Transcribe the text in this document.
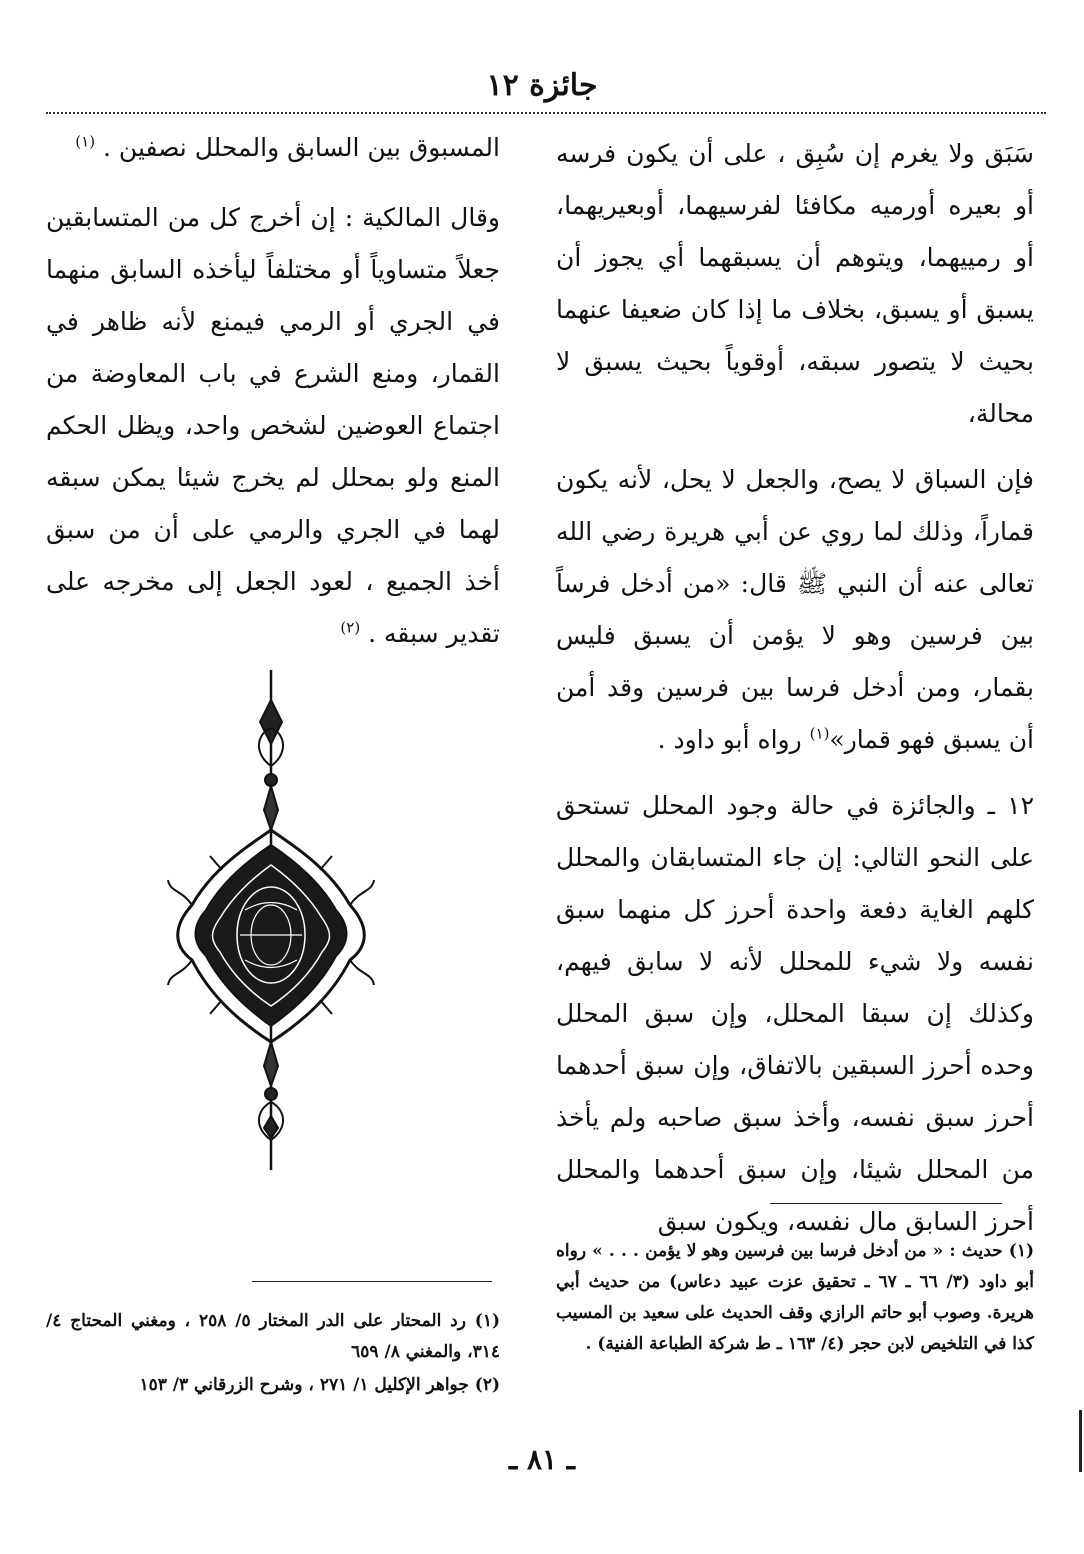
جائزة ١٢

سَبَق ولا يغرم إن سُبِق ، على أن يكون فرسه أو بعيره أورميه مكافئا لفرسيهما، أوبعيريهما، أو رمييهما، ويتوهم أن يسبقهما أي يجوز أن يسبق أو يسبق، بخلاف ما إذا كان ضعيفا عنهما بحيث لا يتصور سبقه، أوقوياً بحيث يسبق لا محالة،

فإن السباق لا يصح، والجعل لا يحل، لأنه يكون قماراً، وذلك لما روي عن أبي هريرة رضي الله تعالى عنه أن النبي ﷺ قال: «من أدخل فرساً بين فرسين وهو لا يؤمن أن يسبق فليس بقمار، ومن أدخل فرسا بين فرسين وقد أمن أن يسبق فهو قمار»$^{(١)}$ رواه أبو داود .

١٢ ـ والجائزة في حالة وجود المحلل تستحق على النحو التالي: إن جاء المتسابقان والمحلل كلهم الغاية دفعة واحدة أحرز كل منهما سبق نفسه ولا شيء للمحلل لأنه لا سابق فيهم، وكذلك إن سبقا المحلل، وإن سبق المحلل وحده أحرز السبقين بالاتفاق، وإن سبق أحدهما أحرز سبق نفسه، وأخذ سبق صاحبه ولم يأخذ من المحلل شيئا، وإن سبق أحدهما والمحلل أحرز السابق مال نفسه، ويكون سبق

المسبوق بين السابق والمحلل نصفين . $^{(١)}$

وقال المالكية : إن أخرج كل من المتسابقين جعلاً متساوياً أو مختلفاً ليأخذه السابق منهما في الجري أو الرمي فيمنع لأنه ظاهر في القمار، ومنع الشرع في باب المعاوضة من اجتماع العوضين لشخص واحد، ويظل الحكم المنع ولو بمحلل لم يخرج شيئا يمكن سبقه لهما في الجري والرمي على أن من سبق أخذ الجميع ، لعود الجعل إلى مخرجه على تقدير سبقه . $^{(٢)}$

(١) حديث : « من أدخل فرسا بين فرسين وهو لا يؤمن . . . » رواه أبو داود (٣/ ٦٦ ـ ٦٧ ـ تحقيق عزت عبيد دعاس) من حديث أبي هريرة. وصوب أبو حاتم الرازي وقف الحديث على سعيد بن المسيب كذا في التلخيص لابن حجر (٤/ ١٦٣ ـ ط شركة الطباعة الفنية) .

(١) رد المحتار على الدر المختار ٥/ ٢٥٨ ، ومغني المحتاج ٤/ ٣١٤، والمغني ٨/ ٦٥٩

(٢) جواهر الإكليل ١/ ٢٧١ ، وشرح الزرقاني ٣/ ١٥٣

ـ ٨١ ـ
